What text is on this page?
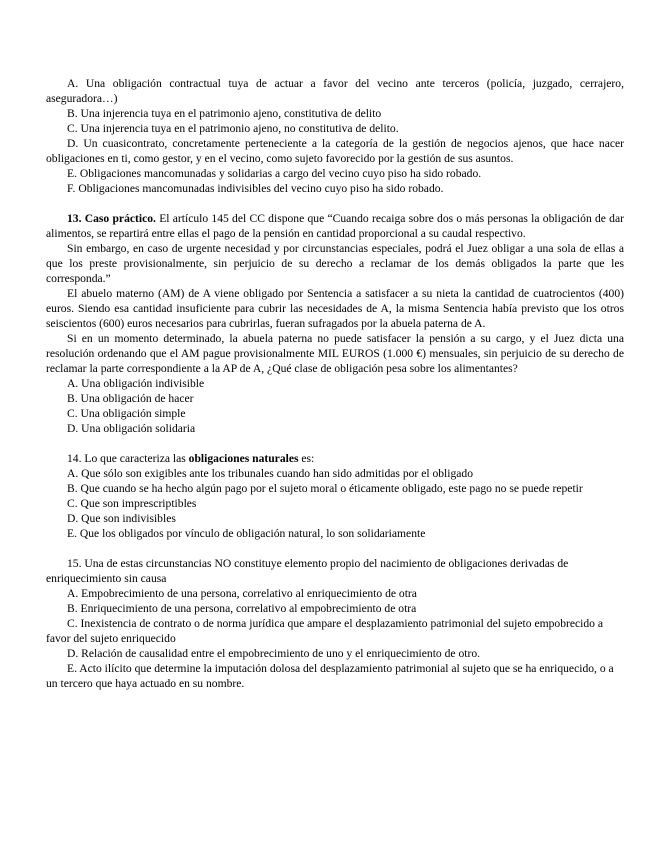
A. Una obligación contractual tuya de actuar a favor del vecino ante terceros (policía, juzgado, cerrajero, aseguradora…)

B. Una injerencia tuya en el patrimonio ajeno, constitutiva de delito

C. Una injerencia tuya en el patrimonio ajeno, no constitutiva de delito.

D. Un cuasicontrato, concretamente perteneciente a la categoría de la gestión de negocios ajenos, que hace nacer obligaciones en ti, como gestor, y en el vecino, como sujeto favorecido por la gestión de sus asuntos.

E. Obligaciones mancomunadas y solidarias a cargo del vecino cuyo piso ha sido robado.

F. Obligaciones mancomunadas indivisibles del vecino cuyo piso ha sido robado.

13. Caso práctico. El artículo 145 del CC dispone que “Cuando recaiga sobre dos o más personas la obligación de dar alimentos, se repartirá entre ellas el pago de la pensión en cantidad proporcional a su caudal respectivo.

Sin embargo, en caso de urgente necesidad y por circunstancias especiales, podrá el Juez obligar a una sola de ellas a que los preste provisionalmente, sin perjuicio de su derecho a reclamar de los demás obligados la parte que les corresponda.”

El abuelo materno (AM) de A viene obligado por Sentencia a satisfacer a su nieta la cantidad de cuatrocientos (400) euros. Siendo esa cantidad insuficiente para cubrir las necesidades de A, la misma Sentencia había previsto que los otros seiscientos (600) euros necesarios para cubrirlas, fueran sufragados por la abuela paterna de A.

Si en un momento determinado, la abuela paterna no puede satisfacer la pensión a su cargo, y el Juez dicta una resolución ordenando que el AM pague provisionalmente MIL EUROS (1.000 €) mensuales, sin perjuicio de su derecho de reclamar la parte correspondiente a la AP de A, ¿Qué clase de obligación pesa sobre los alimentantes?

A. Una obligación indivisible

B. Una obligación de hacer

C. Una obligación simple

D. Una obligación solidaria

14. Lo que caracteriza las obligaciones naturales es:

A. Que sólo son exigibles ante los tribunales cuando han sido admitidas por el obligado

B. Que cuando se ha hecho algún pago por el sujeto moral o éticamente obligado, este pago no se puede repetir

C. Que son imprescriptibles

D. Que son indivisibles

E. Que los obligados por vínculo de obligación natural, lo son solidariamente

15. Una de estas circunstancias NO constituye elemento propio del nacimiento de obligaciones derivadas de enriquecimiento sin causa

A. Empobrecimiento de una persona, correlativo al enriquecimiento de otra

B. Enriquecimiento de una persona, correlativo al empobrecimiento de otra

C. Inexistencia de contrato o de norma jurídica que ampare el desplazamiento patrimonial del sujeto empobrecido a favor del sujeto enriquecido

D. Relación de causalidad entre el empobrecimiento de uno y el enriquecimiento de otro.

E. Acto ilícito que determine la imputación dolosa del desplazamiento patrimonial al sujeto que se ha enriquecido, o a un tercero que haya actuado en su nombre.
